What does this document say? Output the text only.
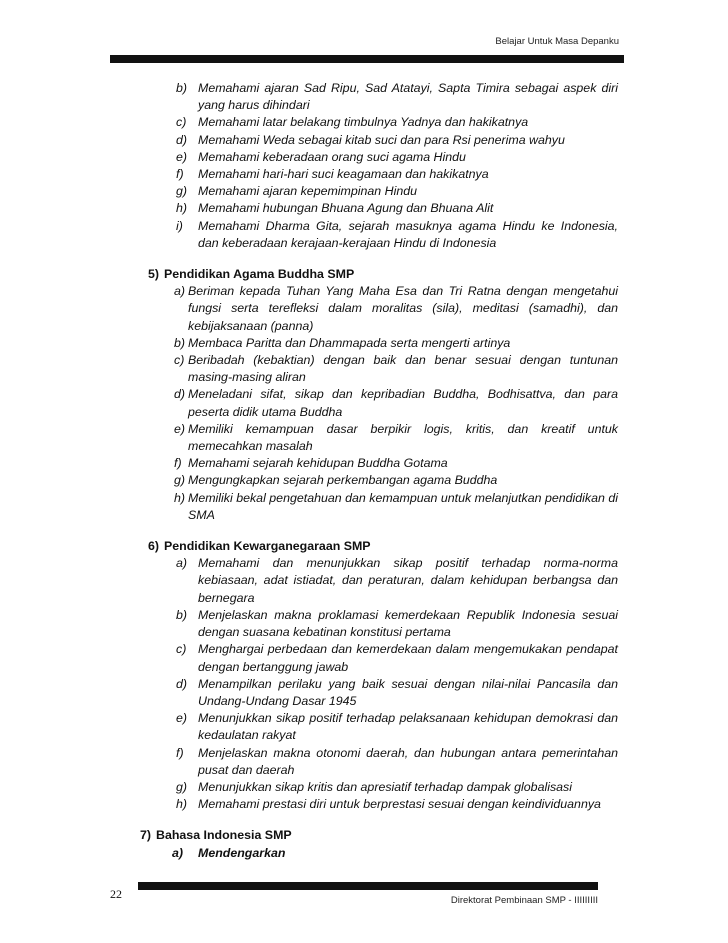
Belajar Untuk Masa Depanku
b) Memahami ajaran Sad Ripu, Sad Atatayi, Sapta Timira sebagai aspek diri yang harus dihindari
c) Memahami latar belakang timbulnya Yadnya dan hakikatnya
d) Memahami Weda sebagai kitab suci dan para Rsi penerima wahyu
e) Memahami keberadaan orang suci agama Hindu
f) Memahami hari-hari suci keagamaan dan hakikatnya
g) Memahami ajaran kepemimpinan Hindu
h) Memahami hubungan Bhuana Agung dan Bhuana Alit
i) Memahami Dharma Gita, sejarah masuknya agama Hindu ke Indonesia, dan keberadaan kerajaan-kerajaan Hindu di Indonesia
5) Pendidikan Agama Buddha SMP
a) Beriman kepada Tuhan Yang Maha Esa dan Tri Ratna dengan mengetahui fungsi serta terefleksi dalam moralitas (sila), meditasi (samadhi), dan kebijaksanaan (panna)
b) Membaca Paritta dan Dhammapada serta mengerti artinya
c) Beribadah (kebaktian) dengan baik dan benar sesuai dengan tuntunan masing-masing aliran
d) Meneladani sifat, sikap dan kepribadian Buddha, Bodhisattva, dan para peserta didik utama Buddha
e) Memiliki kemampuan dasar berpikir logis, kritis, dan kreatif untuk memecahkan masalah
f) Memahami sejarah kehidupan Buddha Gotama
g) Mengungkapkan sejarah perkembangan agama Buddha
h) Memiliki bekal pengetahuan dan kemampuan untuk melanjutkan pendidikan di SMA
6) Pendidikan Kewarganegaraan SMP
a) Memahami dan menunjukkan sikap positif terhadap norma-norma kebiasaan, adat istiadat, dan peraturan, dalam kehidupan berbangsa dan bernegara
b) Menjelaskan makna proklamasi kemerdekaan Republik Indonesia sesuai dengan suasana kebatinan konstitusi pertama
c) Menghargai perbedaan dan kemerdekaan dalam mengemukakan pendapat dengan bertanggung jawab
d) Menampilkan perilaku yang baik sesuai dengan nilai-nilai Pancasila dan Undang-Undang Dasar 1945
e) Menunjukkan sikap positif terhadap pelaksanaan kehidupan demokrasi dan kedaulatan rakyat
f) Menjelaskan makna otonomi daerah, dan hubungan antara pemerintahan pusat dan daerah
g) Menunjukkan sikap kritis dan apresiatif terhadap dampak globalisasi
h) Memahami prestasi diri untuk berprestasi sesuai dengan keindividuannya
7) Bahasa Indonesia SMP
a) Mendengarkan
22	Direktorat Pembinaan SMP - IIIIIIIII
